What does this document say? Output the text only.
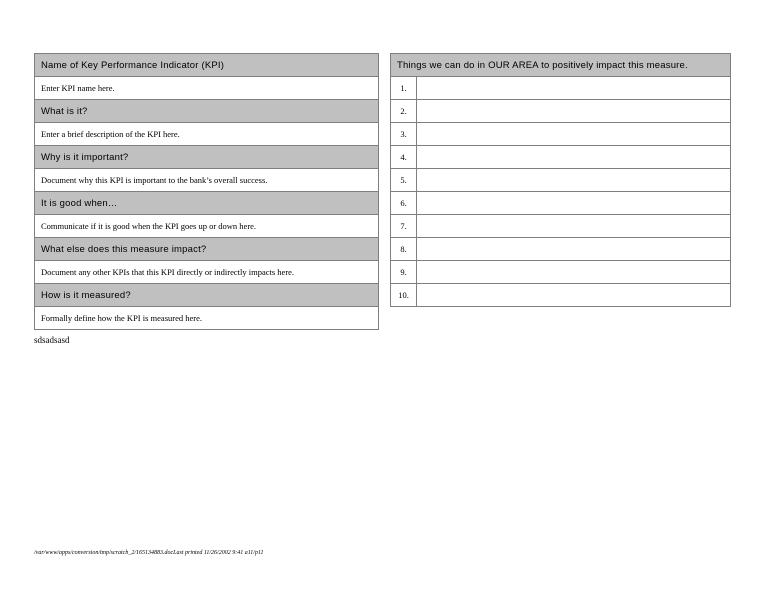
Name of Key Performance Indicator (KPI)
Enter KPI name here.
What is it?
Enter a brief description of the KPI here.
Why is it important?
Document why this KPI is important to the bank’s overall success.
It is good when…
Communicate if it is good when the KPI goes up or down here.
What else does this measure impact?
Document any other KPIs that this KPI directly or indirectly impacts here.
How is it measured?
Formally define how the KPI is measured here.
Things we can do in OUR AREA to positively impact this measure.	
1.	
2.	
3.	
4.	
5.	
6.	
7.	
8.	
9.	
10.	
sdsadsasd
/var/www/apps/conversion/tmp/scratch_2/165134883.docLast printed 11/26/2002 9:41 a11/p11
